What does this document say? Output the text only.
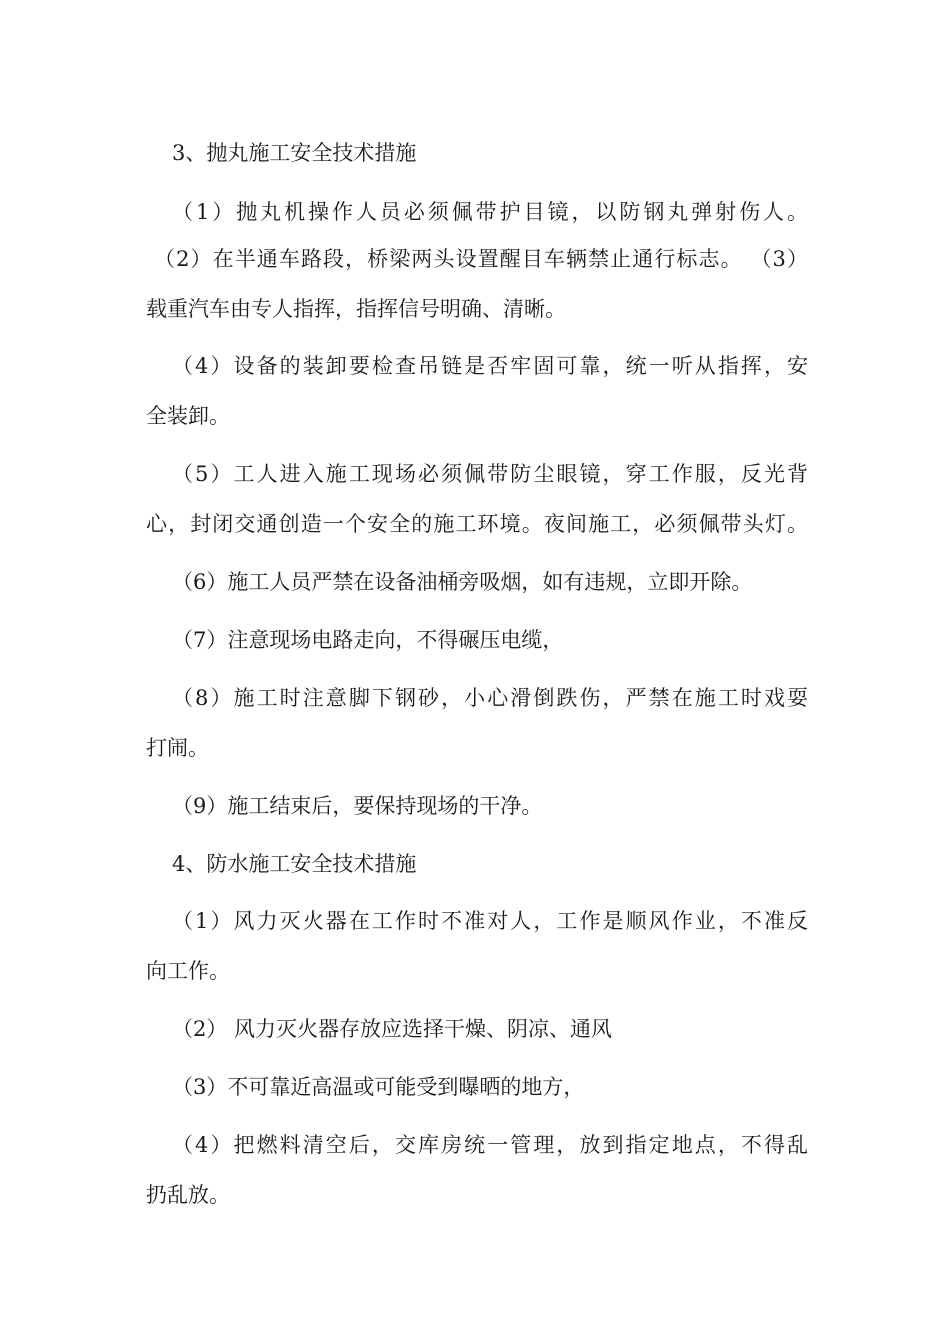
3、抛丸施工安全技术措施
（1）抛丸机操作人员必须佩带护目镜，以防钢丸弹射伤人。
（2）在半通车路段，桥梁两头设置醒目车辆禁止通行标志。 （3）
载重汽车由专人指挥，指挥信号明确、清晰。
（4）设备的装卸要检查吊链是否牢固可靠，统一听从指挥，安
全装卸。
（5）工人进入施工现场必须佩带防尘眼镜，穿工作服，反光背
心，封闭交通创造一个安全的施工环境。夜间施工，必须佩带头灯。
（6）施工人员严禁在设备油桶旁吸烟，如有违规，立即开除。
（7）注意现场电路走向，不得碾压电缆，
（8）施工时注意脚下钢砂，小心滑倒跌伤，严禁在施工时戏耍
打闹。
（9）施工结束后，要保持现场的干净。
4、防水施工安全技术措施
（1）风力灭火器在工作时不准对人，工作是顺风作业，不准反
向工作。
（2） 风力灭火器存放应选择干燥、阴凉、通风
（3）不可靠近高温或可能受到曝晒的地方，
（4）把燃料清空后，交库房统一管理，放到指定地点，不得乱
扔乱放。
